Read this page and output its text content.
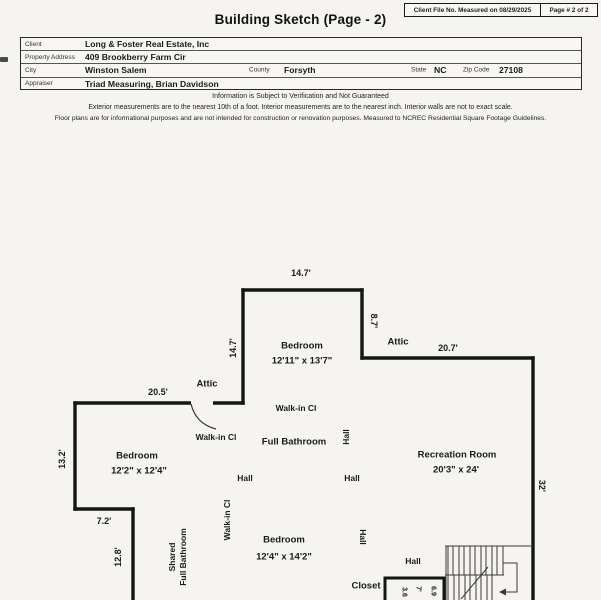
Client File No. Measured on 08/29/2025	Page # 2 of 2
Building Sketch (Page - 2)
Client	Long & Foster Real Estate, Inc
Property Address	409 Brookberry Farm Cir
City	Winston Salem	County Forsyth	State NC	Zip Code 27108
Appraiser	Triad Measuring, Brian Davidson
Information is Subject to Verification and Not Guaranteed
Exterior measurements are to the nearest 10th of a foot. Interior measurements are to the nearest inch. Interior walls are not to exact scale.
Floor plans are for informational purposes and are not intended for construction or renovation purposes. Measured to NCREC Residential Square Footage Guidelines.
14.7'
14.7'
8.7'
20.7'
20.5'
13.2'
7.2'
12.8'
32'
3.6 7' 6.9
Attic
Attic
Bedroom
12'11" x 13'7"
Walk-in Cl
Walk-in Cl	Full Bathroom Hall
Bedroom
12'2" x 12'4"
Hall	Hall
Recreation Room
20'3" x 24'
Walk-in Cl
Shared Full Bathroom	Bedroom
12'4" x 14'2"
Hall
Hall
Closet
